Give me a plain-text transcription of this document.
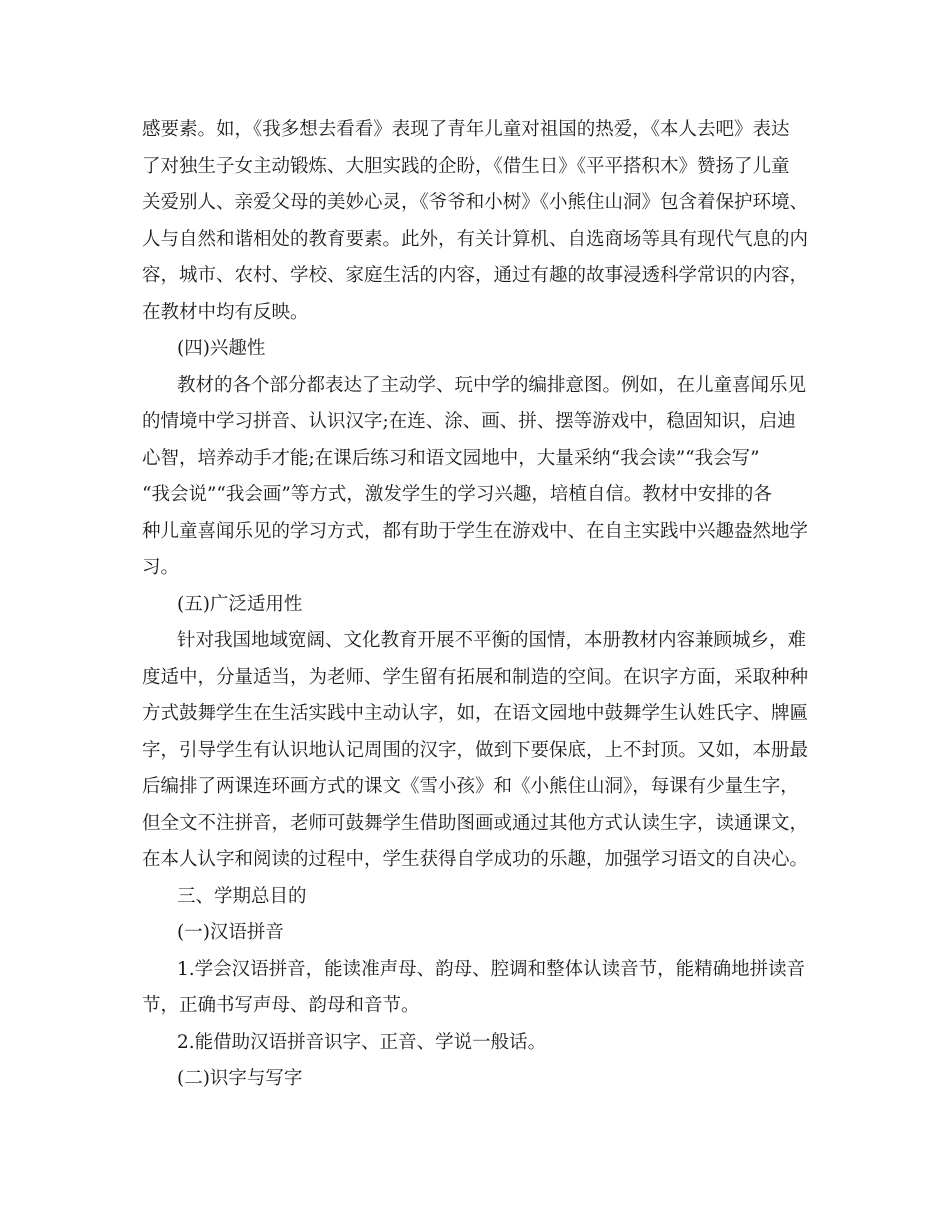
感要素。如，《我多想去看看》表现了青年儿童对祖国的热爱，《本人去吧》表达
了对独生子女主动锻炼、大胆实践的企盼，《借生日》《平平搭积木》赞扬了儿童
关爱别人、亲爱父母的美妙心灵，《爷爷和小树》《小熊住山洞》包含着保护环境、
人与自然和谐相处的教育要素。此外，有关计算机、自选商场等具有现代气息的内
容，城市、农村、学校、家庭生活的内容，通过有趣的故事浸透科学常识的内容，
在教材中均有反映。
(四)兴趣性
教材的各个部分都表达了主动学、玩中学的编排意图。例如，在儿童喜闻乐见
的情境中学习拼音、认识汉字;在连、涂、画、拼、摆等游戏中，稳固知识，启迪
心智，培养动手才能;在课后练习和语文园地中，大量采纳“我会读”“我会写”
“我会说”“我会画”等方式，激发学生的学习兴趣，培植自信。教材中安排的各
种儿童喜闻乐见的学习方式，都有助于学生在游戏中、在自主实践中兴趣盎然地学
习。
(五)广泛适用性
针对我国地域宽阔、文化教育开展不平衡的国情，本册教材内容兼顾城乡，难
度适中，分量适当，为老师、学生留有拓展和制造的空间。在识字方面，采取种种
方式鼓舞学生在生活实践中主动认字，如，在语文园地中鼓舞学生认姓氏字、牌匾
字，引导学生有认识地认记周围的汉字，做到下要保底，上不封顶。又如，本册最
后编排了两课连环画方式的课文《雪小孩》和《小熊住山洞》，每课有少量生字，
但全文不注拼音，老师可鼓舞学生借助图画或通过其他方式认读生字，读通课文，
在本人认字和阅读的过程中，学生获得自学成功的乐趣，加强学习语文的自决心。
三、学期总目的
(一)汉语拼音
1.学会汉语拼音，能读准声母、韵母、腔调和整体认读音节，能精确地拼读音
节，正确书写声母、韵母和音节。
2.能借助汉语拼音识字、正音、学说一般话。
(二)识字与写字
